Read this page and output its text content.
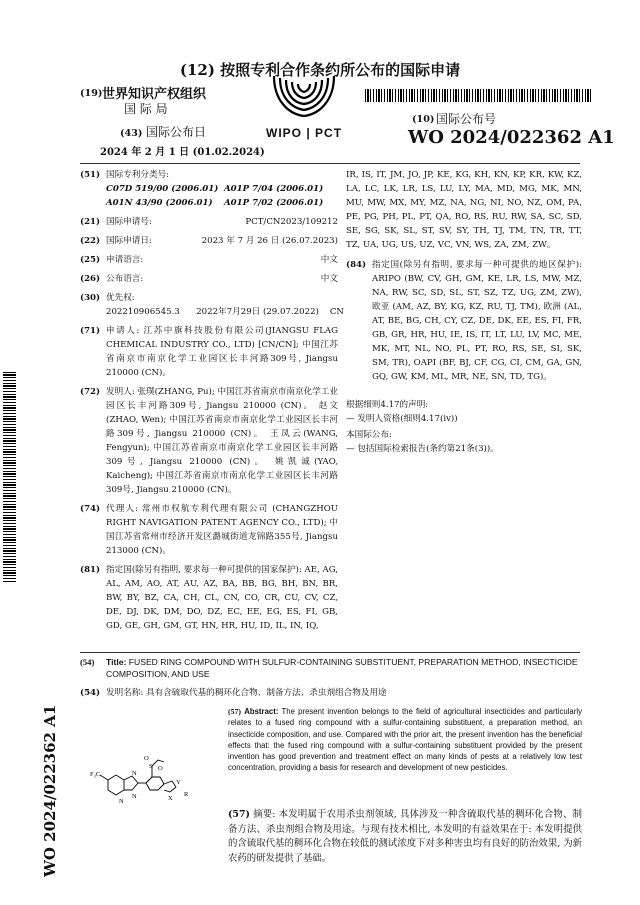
(12) 按照专利合作条约所公布的国际申请
(19) 世界知识产权组织
国 际 局
(43) 国际公布日
2024 年 2 月 1 日 (01.02.2024)
WIPO | PCT
(10) 国际公布号
WO 2024/022362 A1
WO 2024/022362 A1
(51) 国际专利分类号:
C07D 519/00 (2006.01) A01P 7/04 (2006.01)
A01N 43/90 (2006.01) A01P 7/02 (2006.01)
(21) 国际申请号:	PCT/CN2023/109212
(22) 国际申请日:	2023 年 7 月 26 日 (26.07.2023)
(25) 申请语言:	中文
(26) 公布语言:	中文
(30) 优先权:
202210906545.3      2022年7月29日 (29.07.2022)    CN
(71) 申请人: 江苏中旗科技股份有限公司(JIANGSU FLAG CHEMICAL INDUSTRY CO., LTD) [CN/CN]; 中国江苏省南京市南京化学工业园区长丰河路309号, Jiangsu 210000 (CN)。
(72) 发明人: 张璞(ZHANG, Pu); 中国江苏省南京市南京化学工业园区长丰河路309号, Jiangsu 210000 (CN)。 赵文(ZHAO, Wen); 中国江苏省南京市南京化学工业园区长丰河路309号, Jiangsu 210000 (CN)。 王凤云(WANG, Fengyun); 中国江苏省南京市南京化学工业园区长丰河路309号, Jiangsu 210000 (CN)。 姚凯诚(YAO, Kaicheng); 中国江苏省南京市南京化学工业园区长丰河路309号, Jiangsu 210000 (CN)。
(74) 代理人: 常州市权航专利代理有限公司 (CHANGZHOU RIGHT NAVIGATION PATENT AGENCY CO., LTD); 中国江苏省常州市经济开发区潞城街道龙锦路355号, Jiangsu 213000 (CN)。
(81) 指定国(除另有指明, 要求每一种可提供的国家保护): AE, AG, AL, AM, AO, AT, AU, AZ, BA, BB, BG, BH, BN, BR, BW, BY, BZ, CA, CH, CL, CN, CO, CR, CU, CV, CZ, DE, DJ, DK, DM, DO, DZ, EC, EE, EG, ES, FI, GB, GD, GE, GH, GM, GT, HN, HR, HU, ID, IL, IN, IQ,
IR, IS, IT, JM, JO, JP, KE, KG, KH, KN, KP, KR, KW, KZ, LA, LC, LK, LR, LS, LU, LY, MA, MD, MG, MK, MN, MU, MW, MX, MY, MZ, NA, NG, NI, NO, NZ, OM, PA, PE, PG, PH, PL, PT, QA, RO, RS, RU, RW, SA, SC, SD, SE, SG, SK, SL, ST, SV, SY, TH, TJ, TM, TN, TR, TT, TZ, UA, UG, US, UZ, VC, VN, WS, ZA, ZM, ZW。
(84) 指定国(除另有指明, 要求每一种可提供的地区保护): ARIPO (BW, CV, GH, GM, KE, LR, LS, MW, MZ, NA, RW, SC, SD, SL, ST, SZ, TZ, UG, ZM, ZW), 欧亚 (AM, AZ, BY, KG, KZ, RU, TJ, TM), 欧洲 (AL, AT, BE, BG, CH, CY, CZ, DE, DK, EE, ES, FI, FR, GB, GR, HR, HU, IE, IS, IT, LT, LU, LV, MC, ME, MK, MT, NL, NO, PL, PT, RO, RS, SE, SI, SK, SM, TR), OAPI (BF, BJ, CF, CG, CI, CM, GA, GN, GQ, GW, KM, ML, MR, NE, SN, TD, TG)。
根据细则4.17的声明:
— 发明人资格(细则4.17(iv))
本国际公布:
— 包括国际检索报告(条约第21条(3))。
(54)	Title: FUSED RING COMPOUND WITH SULFUR-CONTAINING SUBSTITUENT, PREPARATION METHOD, INSECTICIDE COMPOSITION, AND USE
(54) 发明名称: 具有含硫取代基的稠环化合物、制备方法、杀虫剂组合物及用途
F₃C	N
N
N
S
O
O
Y
X
R
(57) Abstract: The present invention belongs to the field of agricultural insecticides and particularly relates to a fused ring compound with a sulfur-containing substituent, a preparation method, an insecticide composition, and use. Compared with the prior art, the present invention has the beneficial effects that: the fused ring compound with a sulfur-containing substituent provided by the present invention has good prevention and treatment effect on many kinds of pests at a relatively low test concentration, providing a basis for research and development of new pesticides.
(57) 摘要: 本发明属于农用杀虫剂领域, 具体涉及一种含硫取代基的稠环化合物、制备方法、杀虫剂组合物及用途。与现有技术相比, 本发明的有益效果在于: 本发明提供的含硫取代基的稠环化合物在较低的测试浓度下对多种害虫均有良好的防治效果, 为新农药的研发提供了基础。
